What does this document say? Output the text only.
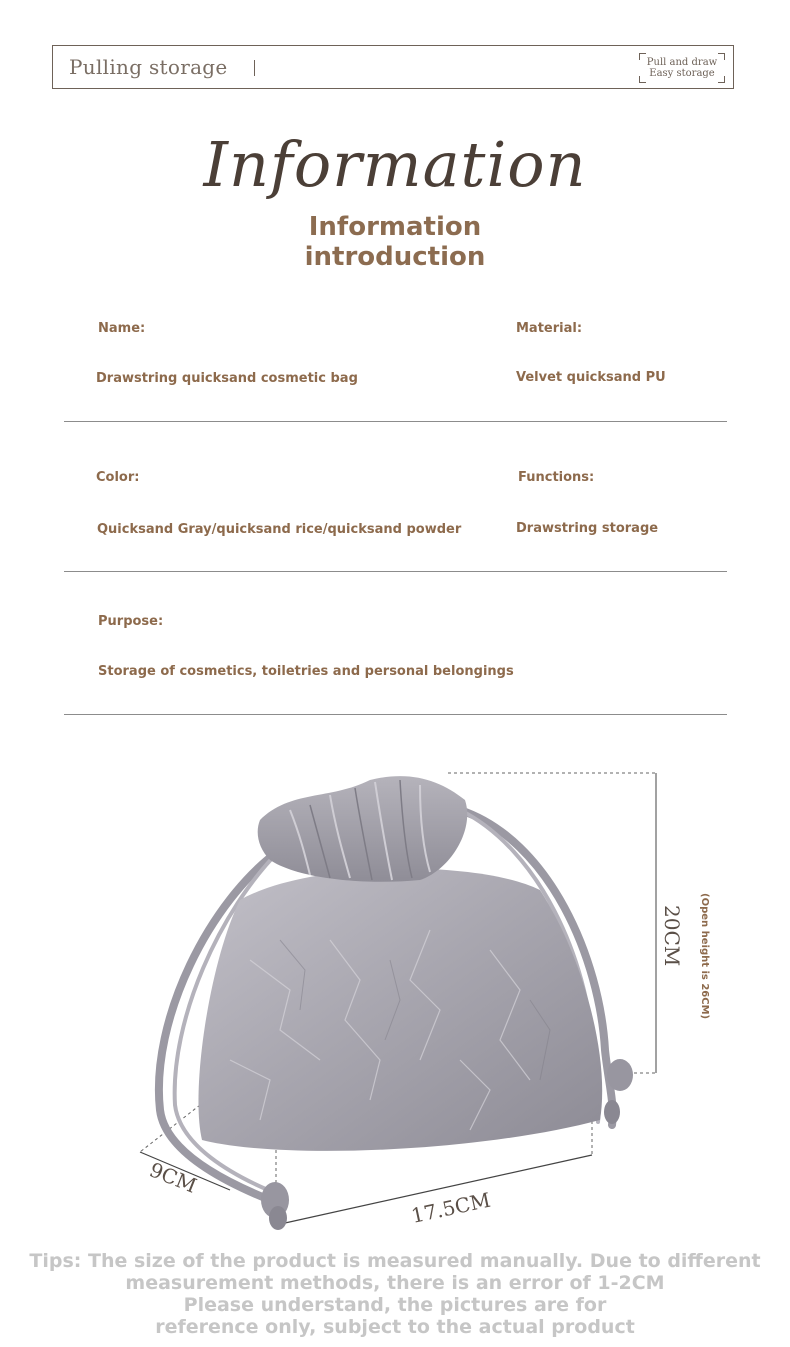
Pulling storage	Pull and draw
Easy storage
Information
Information
introduction
Name:
Drawstring quicksand cosmetic bag
Material:
Velvet quicksand PU
Color:
Quicksand Gray/quicksand rice/quicksand powder
Functions:
Drawstring storage
Purpose:
Storage of cosmetics, toiletries and personal belongings
20CM (Open height is 26CM)
9CM
17.5CM
Tips: The size of the product is measured manually. Due to different
measurement methods, there is an error of 1-2CM
Please understand, the pictures are for
reference only, subject to the actual product
